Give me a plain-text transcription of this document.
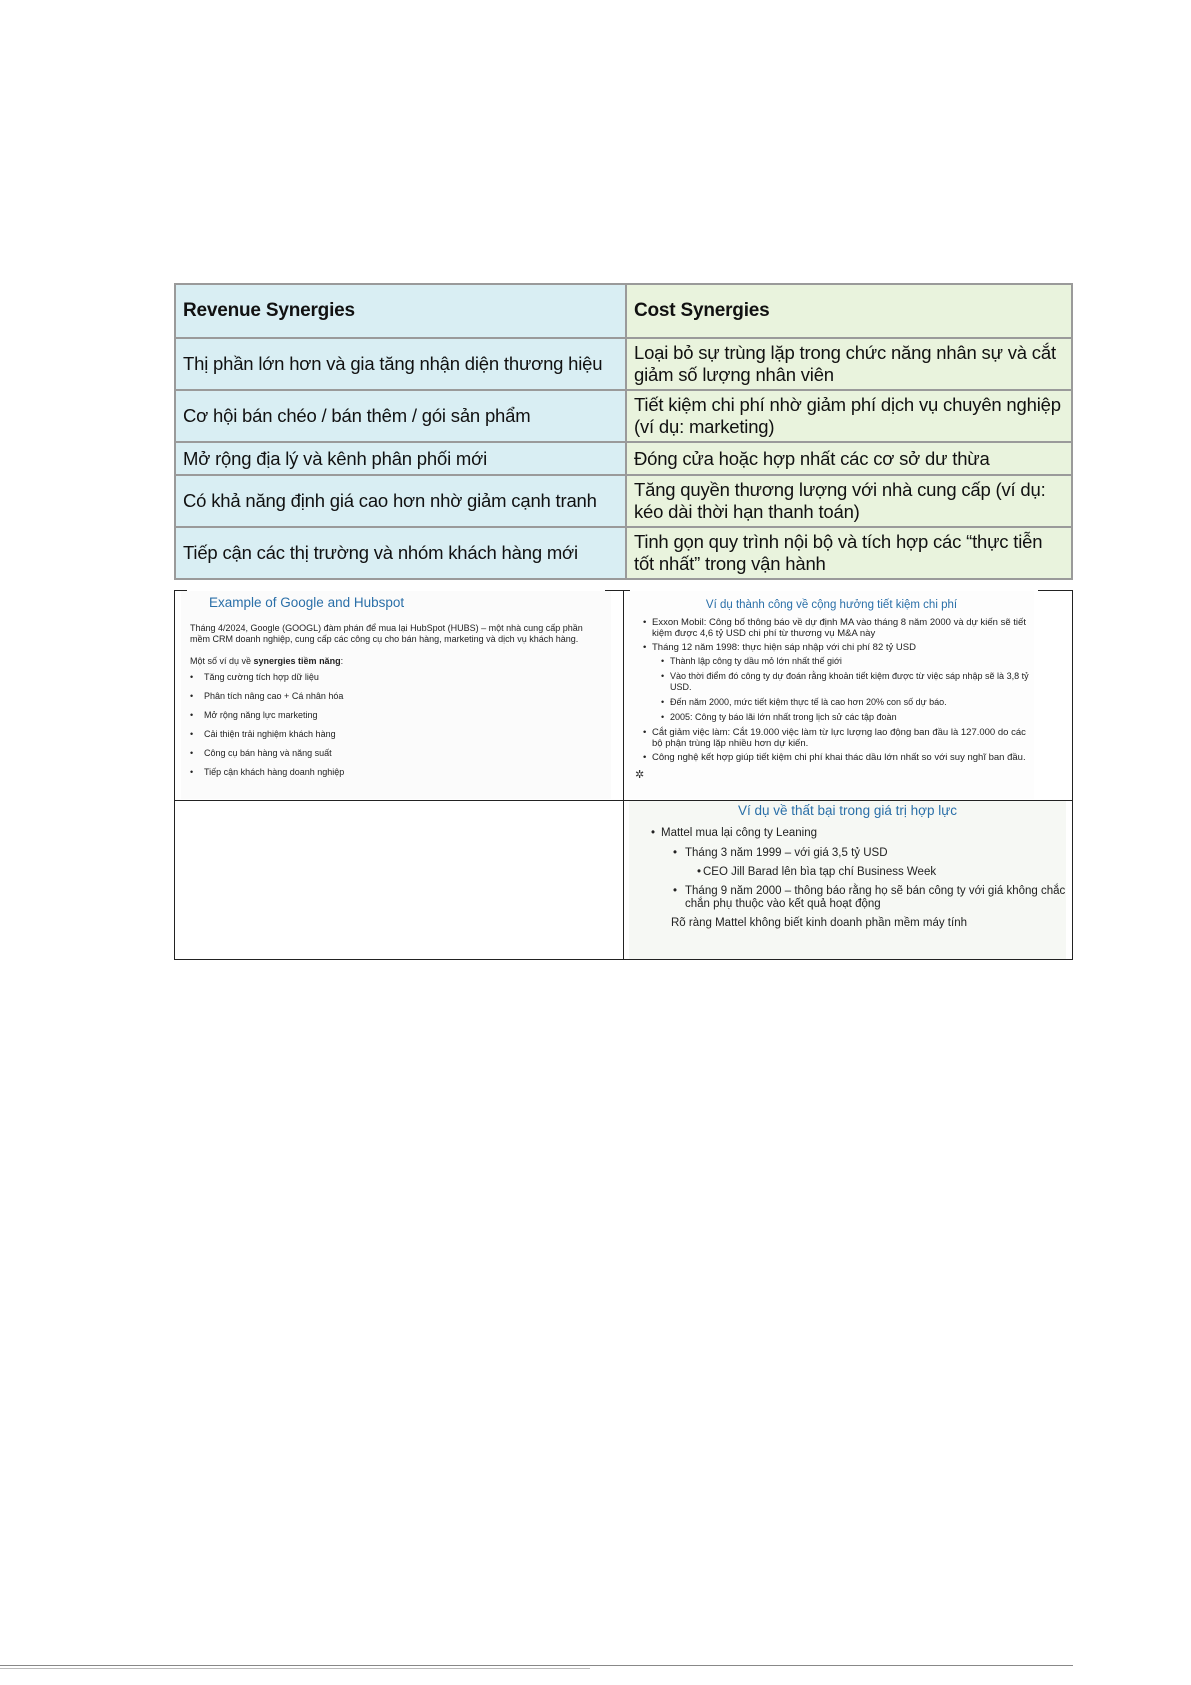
Revenue Synergies	Cost Synergies
Thị phần lớn hơn và gia tăng nhận diện thương hiệu	Loại bỏ sự trùng lặp trong chức năng nhân sự và cắt giảm số lượng nhân viên
Cơ hội bán chéo / bán thêm / gói sản phẩm	Tiết kiệm chi phí nhờ giảm phí dịch vụ chuyên nghiệp (ví dụ: marketing)
Mở rộng địa lý và kênh phân phối mới	Đóng cửa hoặc hợp nhất các cơ sở dư thừa
Có khả năng định giá cao hơn nhờ giảm cạnh tranh	Tăng quyền thương lượng với nhà cung cấp (ví dụ: kéo dài thời hạn thanh toán)
Tiếp cận các thị trường và nhóm khách hàng mới	Tinh gọn quy trình nội bộ và tích hợp các “thực tiễn tốt nhất” trong vận hành
Example of Google and Hubspot
Tháng 4/2024, Google (GOOGL) đàm phán để mua lại HubSpot (HUBS) – một nhà cung cấp phần mềm CRM doanh nghiệp, cung cấp các công cụ cho bán hàng, marketing và dịch vụ khách hàng.
Một số ví dụ về synergies tiềm năng:
• Tăng cường tích hợp dữ liệu
• Phân tích nâng cao + Cá nhân hóa
• Mở rộng năng lực marketing
• Cải thiện trải nghiệm khách hàng
• Công cụ bán hàng và năng suất
• Tiếp cận khách hàng doanh nghiệp
Ví dụ thành công về cộng hưởng tiết kiệm chi phí
• Exxon Mobil: Công bố thông báo về dự định MA vào tháng 8 năm 2000 và dự kiến sẽ tiết kiệm được 4,6 tỷ USD chi phí từ thương vụ M&A này
• Tháng 12 năm 1998: thực hiện sáp nhập với chi phí 82 tỷ USD
• Thành lập công ty dầu mỏ lớn nhất thế giới
• Vào thời điểm đó công ty dự đoán rằng khoản tiết kiệm được từ việc sáp nhập sẽ là 3,8 tỷ USD.
• Đến năm 2000, mức tiết kiệm thực tế là cao hơn 20% con số dự báo.
• 2005: Công ty báo lãi lớn nhất trong lịch sử các tập đoàn
• Cắt giảm việc làm: Cắt 19.000 việc làm từ lực lượng lao động ban đầu là 127.000 do các bộ phận trùng lặp nhiều hơn dự kiến.
• Công nghệ kết hợp giúp tiết kiệm chi phí khai thác dầu lớn nhất so với suy nghĩ ban đầu.
✲
Ví dụ về thất bại trong giá trị hợp lực
• Mattel mua lại công ty Leaning
• Tháng 3 năm 1999 – với giá 3,5 tỷ USD
• CEO Jill Barad lên bìa tạp chí Business Week
• Tháng 9 năm 2000 – thông báo rằng họ sẽ bán công ty với giá không chắc chắn phụ thuộc vào kết quả hoạt động
Rõ ràng Mattel không biết kinh doanh phần mềm máy tính
